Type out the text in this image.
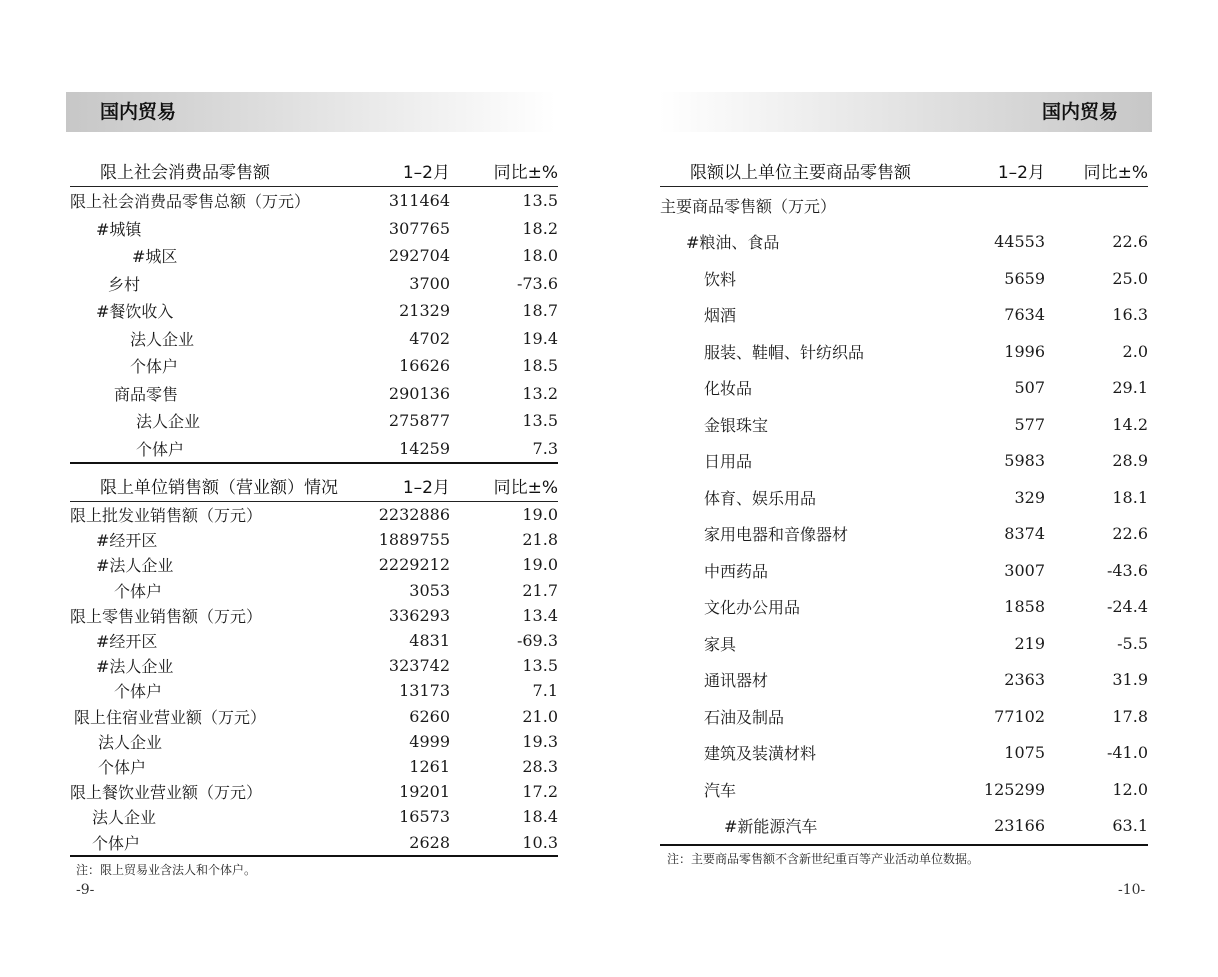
国内贸易
限上社会消费品零售额	1–2月	同比±%
限上社会消费品零售总额（万元）	311464	13.5
#城镇	307765	18.2
#城区	292704	18.0
乡村	3700	-73.6
#餐饮收入	21329	18.7
法人企业	4702	19.4
个体户	16626	18.5
商品零售	290136	13.2
法人企业	275877	13.5
个体户	14259	7.3
限上单位销售额（营业额）情况	1–2月	同比±%
限上批发业销售额（万元）	2232886	19.0
#经开区	1889755	21.8
#法人企业	2229212	19.0
个体户	3053	21.7
限上零售业销售额（万元）	336293	13.4
#经开区	4831	-69.3
#法人企业	323742	13.5
个体户	13173	7.1
限上住宿业营业额（万元）	6260	21.0
法人企业	4999	19.3
个体户	1261	28.3
限上餐饮业营业额（万元）	19201	17.2
法人企业	16573	18.4
个体户	2628	10.3
注：限上贸易业含法人和个体户。
-9-
国内贸易
限额以上单位主要商品零售额	1–2月	同比±%
主要商品零售额（万元）		
#粮油、食品	44553	22.6
饮料	5659	25.0
烟酒	7634	16.3
服装、鞋帽、针纺织品	1996	2.0
化妆品	507	29.1
金银珠宝	577	14.2
日用品	5983	28.9
体育、娱乐用品	329	18.1
家用电器和音像器材	8374	22.6
中西药品	3007	-43.6
文化办公用品	1858	-24.4
家具	219	-5.5
通讯器材	2363	31.9
石油及制品	77102	17.8
建筑及装潢材料	1075	-41.0
汽车	125299	12.0
#新能源汽车	23166	63.1
注：主要商品零售额不含新世纪重百等产业活动单位数据。
-10-
